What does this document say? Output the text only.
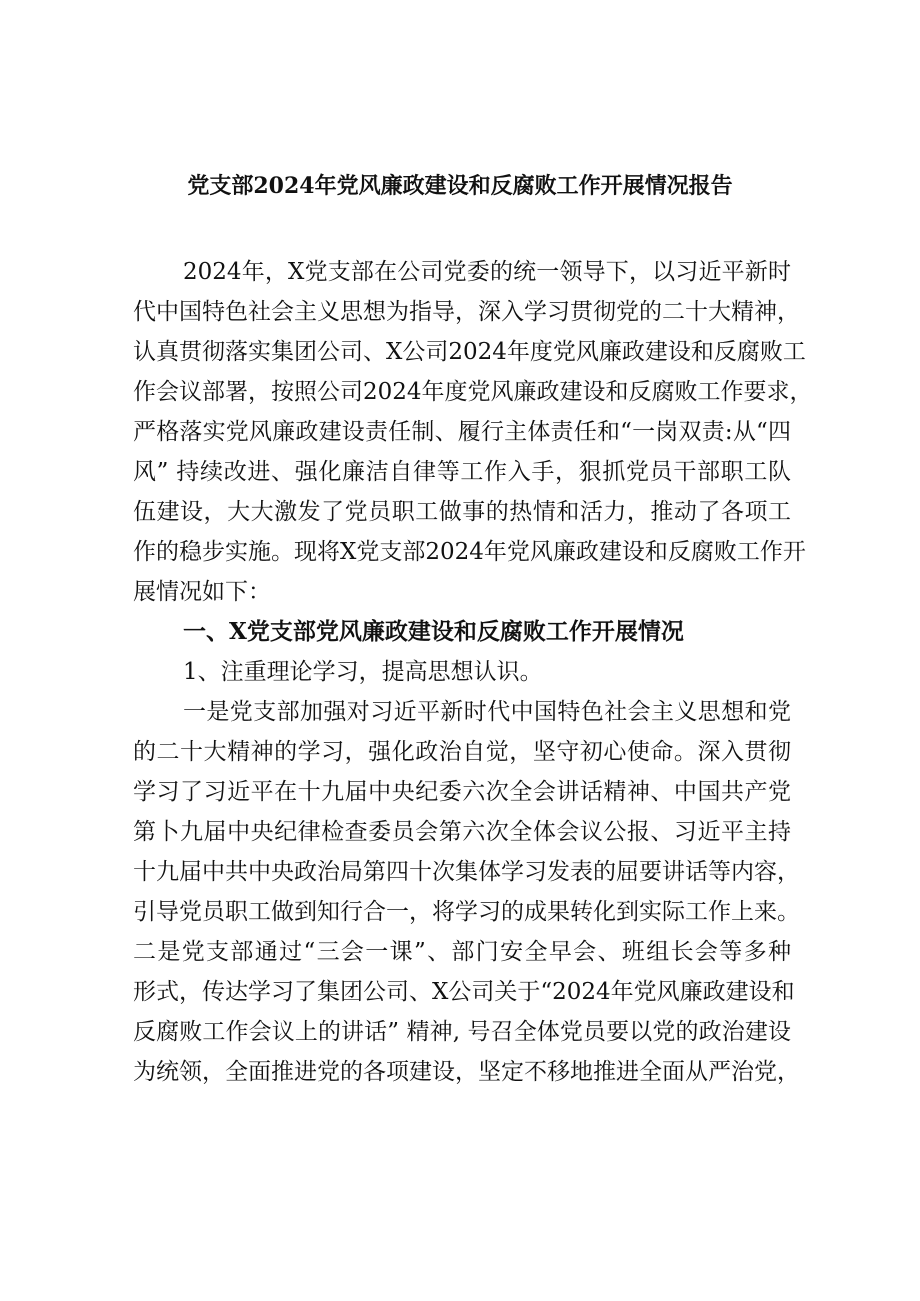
党支部2024年党风廉政建设和反腐败工作开展情况报告
2024年，X党支部在公司党委的统一领导下，以习近平新时
代中国特色社会主义思想为指导，深入学习贯彻党的二十大精神，
认真贯彻落实集团公司、X公司2024年度党风廉政建设和反腐败工
作会议部署，按照公司2024年度党风廉政建设和反腐败工作要求，
严格落实党风廉政建设责任制、履行主体责任和“一岗双责:从“四
风” 持续改进、强化廉洁自律等工作入手，狠抓党员干部职工队
伍建设，大大激发了党员职工做事的热情和活力，推动了各项工
作的稳步实施。现将X党支部2024年党风廉政建设和反腐败工作开
展情况如下：
一、X党支部党风廉政建设和反腐败工作开展情况
1、注重理论学习，提高思想认识。
一是党支部加强对习近平新时代中国特色社会主义思想和党
的二十大精神的学习，强化政治自觉，坚守初心使命。深入贯彻
学习了习近平在十九届中央纪委六次全会讲话精神、中国共产党
第卜九届中央纪律检查委员会第六次全体会议公报、习近平主持
十九届中共中央政治局第四十次集体学习发表的屈要讲话等内容，
引导党员职工做到知行合一，将学习的成果转化到实际工作上来。
二是党支部通过“三会一课”、部门安全早会、班组长会等多种
形式，传达学习了集团公司、X公司关于“2024年党风廉政建设和
反腐败工作会议上的讲话” 精神, 号召全体党员要以党的政治建设
为统领，全面推进党的各项建设，坚定不移地推进全面从严治党，
